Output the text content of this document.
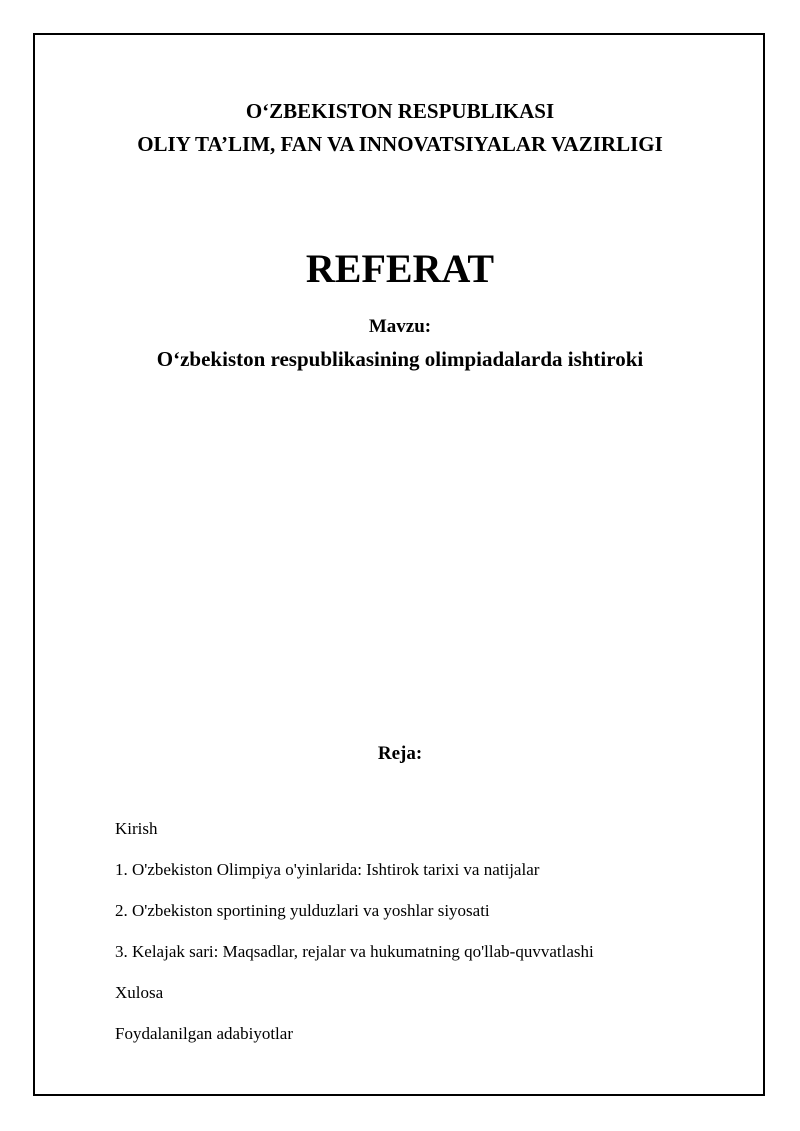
O‘ZBEKISTON RESPUBLIKASI
OLIY TA’LIM, FAN VA INNOVATSIYALAR VAZIRLIGI
REFERAT
Mavzu:
O‘zbekiston respublikasining olimpiadalarda ishtiroki
Reja:
Kirish
1. O'zbekiston Olimpiya o'yinlarida: Ishtirok tarixi va natijalar
2. O'zbekiston sportining yulduzlari va yoshlar siyosati
3. Kelajak sari: Maqsadlar, rejalar va hukumatning qo'llab-quvvatlashi
Xulosa
Foydalanilgan adabiyotlar
